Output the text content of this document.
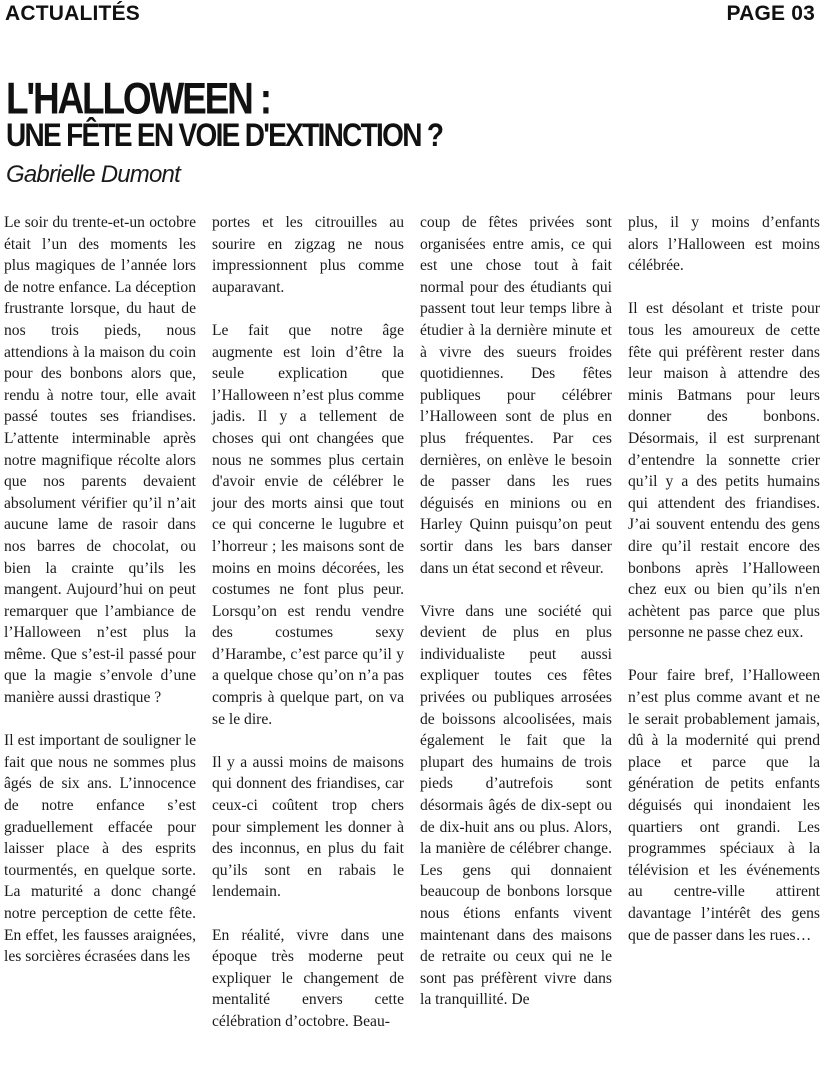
ACTUALITÉS	PAGE 03
L'HALLOWEEN :
UNE FÊTE EN VOIE D'EXTINCTION ?
Gabrielle Dumont

Le soir du trente-et-un octobre était l’un des moments les plus magiques de l’année lors de notre enfance. La déception frustrante lorsque, du haut de nos trois pieds, nous attendions à la maison du coin pour des bonbons alors que, rendu à notre tour, elle avait passé toutes ses friandises. L’attente interminable après notre magnifique récolte alors que nos parents devaient absolument vérifier qu’il n’ait aucune lame de rasoir dans nos barres de chocolat, ou bien la crainte qu’ils les mangent. Aujourd’hui on peut remarquer que l’ambiance de l’Halloween n’est plus la même. Que s’est-il passé pour que la magie s’envole d’une manière aussi drastique ?

Il est important de souligner le fait que nous ne sommes plus âgés de six ans. L’innocence de notre enfance s’est graduellement effacée pour laisser place à des esprits tourmentés, en quelque sorte. La maturité a donc changé notre perception de cette fête. En effet, les fausses araignées, les sorcières écrasées dans les

portes et les citrouilles au sourire en zigzag ne nous impressionnent plus comme auparavant.

Le fait que notre âge augmente est loin d’être la seule explication que l’Halloween n’est plus comme jadis. Il y a tellement de choses qui ont changées que nous ne sommes plus certain d'avoir envie de célébrer le jour des morts ainsi que tout ce qui concerne le lugubre et l’horreur ; les maisons sont de moins en moins décorées, les costumes ne font plus peur. Lorsqu’on est rendu vendre des costumes sexy d’Harambe, c’est parce qu’il y a quelque chose qu’on n’a pas compris à quelque part, on va se le dire.

Il y a aussi moins de maisons qui donnent des friandises, car ceux-ci coûtent trop chers pour simplement les donner à des inconnus, en plus du fait qu’ils sont en rabais le lendemain.

En réalité, vivre dans une époque très moderne peut expliquer le changement de mentalité envers cette célébration d’octobre. Beau-

coup de fêtes privées sont organisées entre amis, ce qui est une chose tout à fait normal pour des étudiants qui passent tout leur temps libre à étudier à la dernière minute et à vivre des sueurs froides quotidiennes. Des fêtes publiques pour célébrer l’Halloween sont de plus en plus fréquentes. Par ces dernières, on enlève le besoin de passer dans les rues déguisés en minions ou en Harley Quinn puisqu’on peut sortir dans les bars danser dans un état second et rêveur.

Vivre dans une société qui devient de plus en plus individualiste peut aussi expliquer toutes ces fêtes privées ou publiques arrosées de boissons alcoolisées, mais également le fait que la plupart des humains de trois pieds d’autrefois sont désormais âgés de dix-sept ou de dix-huit ans ou plus. Alors, la manière de célébrer change. Les gens qui donnaient beaucoup de bonbons lorsque nous étions enfants vivent maintenant dans des maisons de retraite ou ceux qui ne le sont pas préfèrent vivre dans la tranquillité. De

plus, il y moins d’enfants alors l’Halloween est moins célébrée.

Il est désolant et triste pour tous les amoureux de cette fête qui préfèrent rester dans leur maison à attendre des minis Batmans pour leurs donner des bonbons. Désormais, il est surprenant d’entendre la sonnette crier qu’il y a des petits humains qui attendent des friandises. J’ai souvent entendu des gens dire qu’il restait encore des bonbons après l’Halloween chez eux ou bien qu’ils n'en achètent pas parce que plus personne ne passe chez eux.

Pour faire bref, l’Halloween n’est plus comme avant et ne le serait probablement jamais, dû à la modernité qui prend place et parce que la génération de petits enfants déguisés qui inondaient les quartiers ont grandi. Les programmes spéciaux à la télévision et les événements au centre-ville attirent davantage l’intérêt des gens que de passer dans les rues…
